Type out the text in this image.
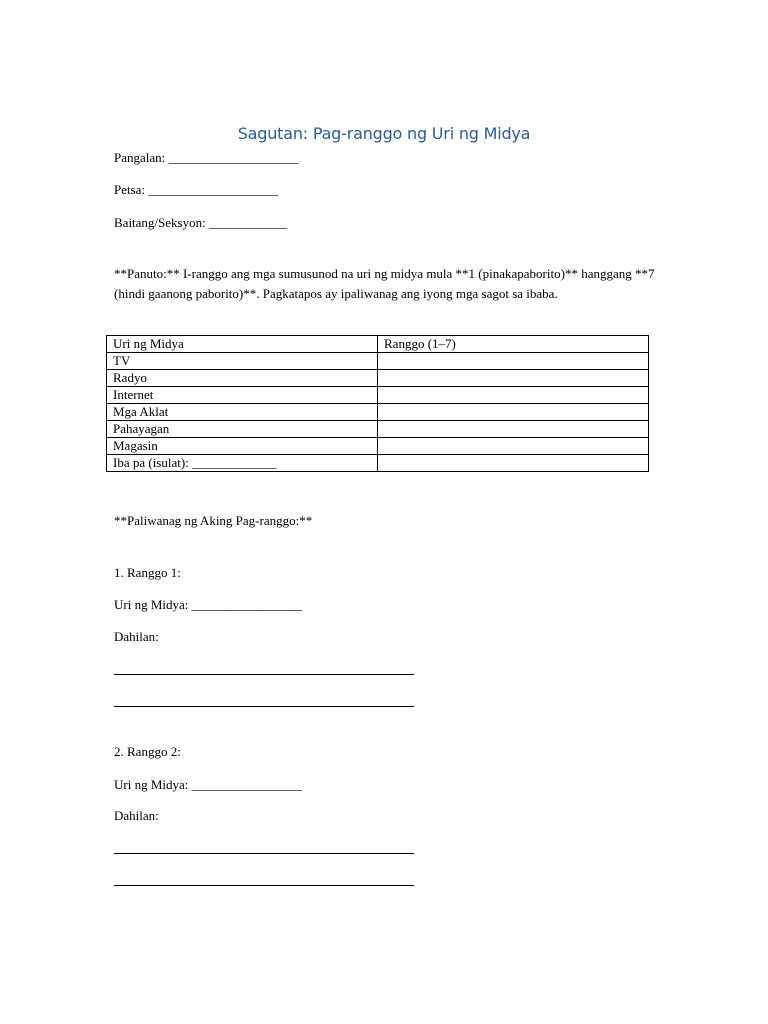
Sagutan: Pag-ranggo ng Uri ng Midya
Pangalan: ____________________
Petsa: ____________________
Baitang/Seksyon: ____________
**Panuto:** I-ranggo ang mga sumusunod na uri ng midya mula **1 (pinakapaborito)** hanggang **7 (hindi gaanong paborito)**. Pagkatapos ay ipaliwanag ang iyong mga sagot sa ibaba.
Uri ng Midya	Ranggo (1–7)
TV	
Radyo	
Internet	
Mga Aklat	
Pahayagan	
Magasin	
Iba pa (isulat): _____________	
**Paliwanag ng Aking Pag-ranggo:**
1. Ranggo 1:
Uri ng Midya: _________________
Dahilan:
2. Ranggo 2:
Uri ng Midya: _________________
Dahilan:
